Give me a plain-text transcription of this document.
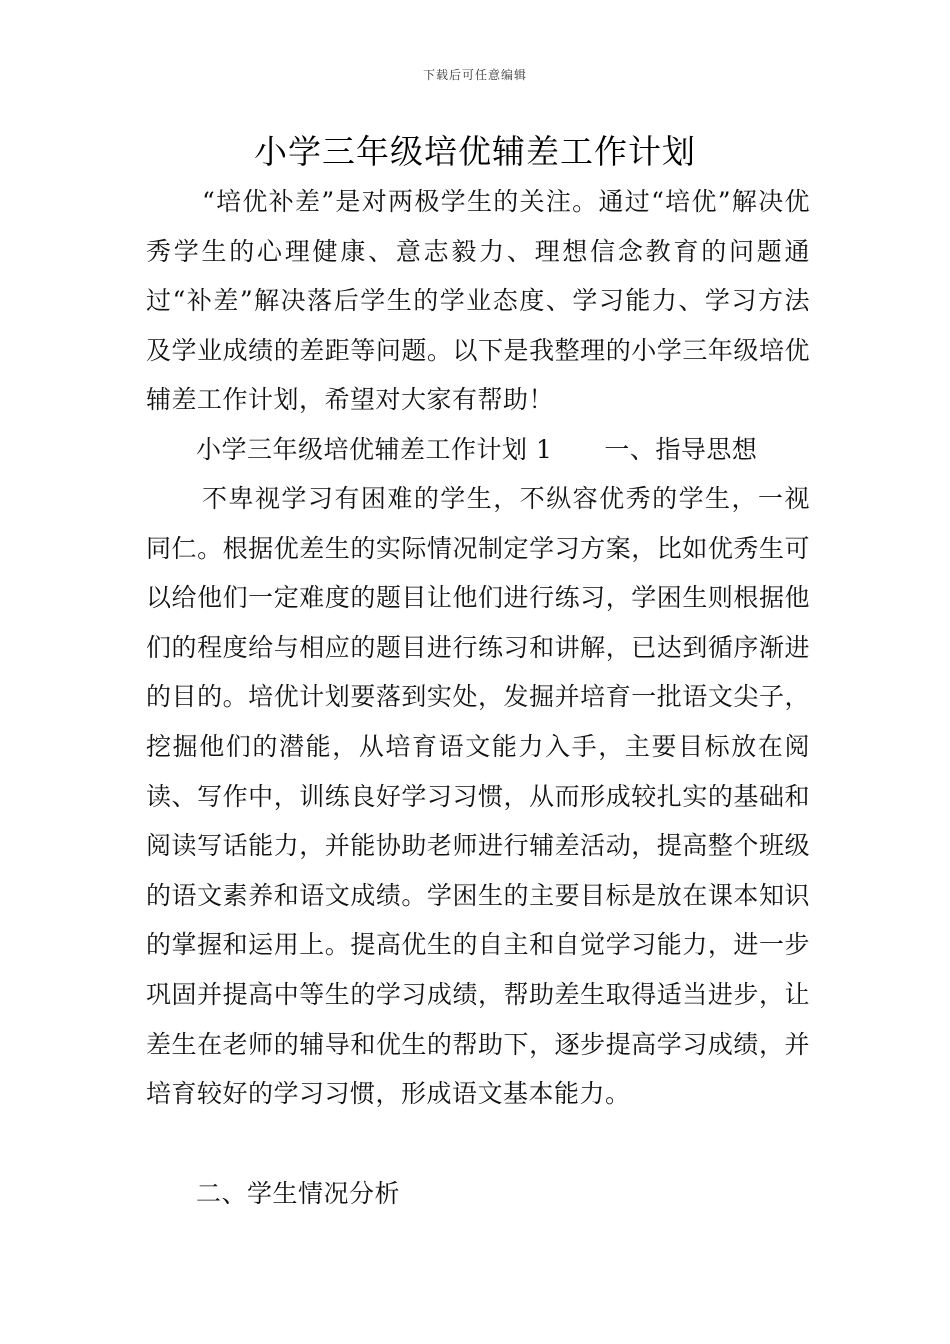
下载后可任意编辑
小学三年级培优辅差工作计划
“培优补差”是对两极学生的关注。通过“培优”解决优秀学生的心理健康、意志毅力、理想信念教育的问题通过“补差”解决落后学生的学业态度、学习能力、学习方法及学业成绩的差距等问题。以下是我整理的小学三年级培优辅差工作计划，希望对大家有帮助！
小学三年级培优辅差工作计划 1 一、指导思想
不卑视学习有困难的学生，不纵容优秀的学生，一视同仁。根据优差生的实际情况制定学习方案，比如优秀生可以给他们一定难度的题目让他们进行练习，学困生则根据他们的程度给与相应的题目进行练习和讲解，已达到循序渐进的目的。培优计划要落到实处，发掘并培育一批语文尖子，挖掘他们的潜能，从培育语文能力入手，主要目标放在阅读、写作中，训练良好学习习惯，从而形成较扎实的基础和阅读写话能力，并能协助老师进行辅差活动，提高整个班级的语文素养和语文成绩。学困生的主要目标是放在课本知识的掌握和运用上。提高优生的自主和自觉学习能力，进一步巩固并提高中等生的学习成绩，帮助差生取得适当进步，让差生在老师的辅导和优生的帮助下，逐步提高学习成绩，并培育较好的学习习惯，形成语文基本能力。
二、学生情况分析
